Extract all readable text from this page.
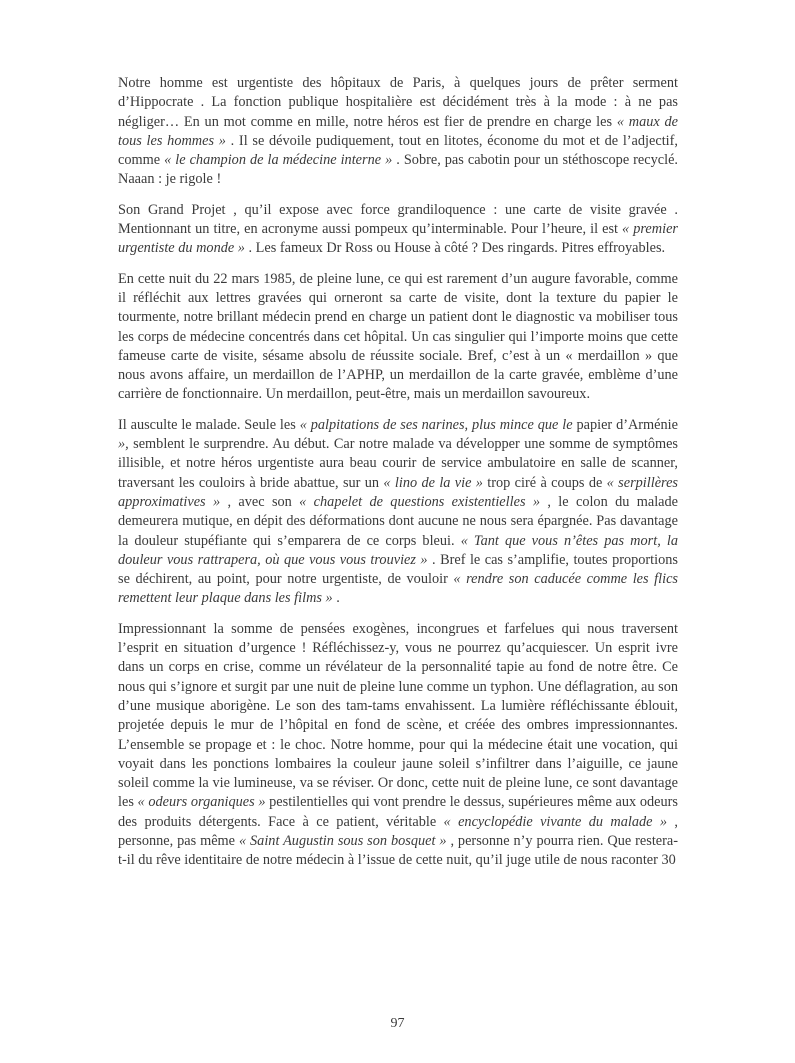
Notre homme est urgentiste des hôpitaux de Paris, à quelques jours de prêter serment d’Hippocrate . La fonction publique hospitalière est décidément très à la mode : à ne pas négliger… En un mot comme en mille, notre héros est fier de prendre en charge les « maux de tous les hommes » . Il se dévoile pudiquement, tout en litotes, économe du mot et de l’adjectif, comme « le champion de la médecine interne » . Sobre, pas cabotin pour un stéthoscope recyclé. Naaan : je rigole !

Son Grand Projet , qu’il expose avec force grandiloquence : une carte de visite gravée . Mentionnant un titre, en acronyme aussi pompeux qu’interminable. Pour l’heure, il est « premier urgentiste du monde » . Les fameux Dr Ross ou House à côté ? Des ringards. Pitres effroyables.

En cette nuit du 22 mars 1985, de pleine lune, ce qui est rarement d’un augure favorable, comme il réfléchit aux lettres gravées qui orneront sa carte de visite, dont la texture du papier le tourmente, notre brillant médecin prend en charge un patient dont le diagnostic va mobiliser tous les corps de médecine concentrés dans cet hôpital. Un cas singulier qui l’importe moins que cette fameuse carte de visite, sésame absolu de réussite sociale. Bref, c’est à un « merdaillon » que nous avons affaire, un merdaillon de l’APHP, un merdaillon de la carte gravée, emblème d’une carrière de fonctionnaire. Un merdaillon, peut-être, mais un merdaillon savoureux.

Il ausculte le malade. Seule les « palpitations de ses narines, plus mince que le papier d’Arménie », semblent le surprendre. Au début. Car notre malade va développer une somme de symptômes illisible, et notre héros urgentiste aura beau courir de service ambulatoire en salle de scanner, traversant les couloirs à bride abattue, sur un « lino de la vie » trop ciré à coups de « serpillères approximatives » , avec son « chapelet de questions existentielles » , le colon du malade demeurera mutique, en dépit des déformations dont aucune ne nous sera épargnée. Pas davantage la douleur stupéfiante qui s’emparera de ce corps bleui. « Tant que vous n’êtes pas mort, la douleur vous rattrapera, où que vous vous trouviez » . Bref le cas s’amplifie, toutes proportions se déchirent, au point, pour notre urgentiste, de vouloir « rendre son caducée comme les flics remettent leur plaque dans les films » .

Impressionnant la somme de pensées exogènes, incongrues et farfelues qui nous traversent l’esprit en situation d’urgence ! Réfléchissez-y, vous ne pourrez qu’acquiescer. Un esprit ivre dans un corps en crise, comme un révélateur de la personnalité tapie au fond de notre être. Ce nous qui s’ignore et surgit par une nuit de pleine lune comme un typhon. Une déflagration, au son d’une musique aborigène. Le son des tam-tams envahissent. La lumière réfléchissante éblouit, projetée depuis le mur de l’hôpital en fond de scène, et créée des ombres impressionnantes. L’ensemble se propage et : le choc. Notre homme, pour qui la médecine était une vocation, qui voyait dans les ponctions lombaires la couleur jaune soleil s’infiltrer dans l’aiguille, ce jaune soleil comme la vie lumineuse, va se réviser. Or donc, cette nuit de pleine lune, ce sont davantage les « odeurs organiques » pestilentielles qui vont prendre le dessus, supérieures même aux odeurs des produits détergents. Face à ce patient, véritable « encyclopédie vivante du malade » , personne, pas même « Saint Augustin sous son bosquet » , personne n’y pourra rien. Que restera-t-il du rêve identitaire de notre médecin à l’issue de cette nuit, qu’il juge utile de nous raconter 30

97
